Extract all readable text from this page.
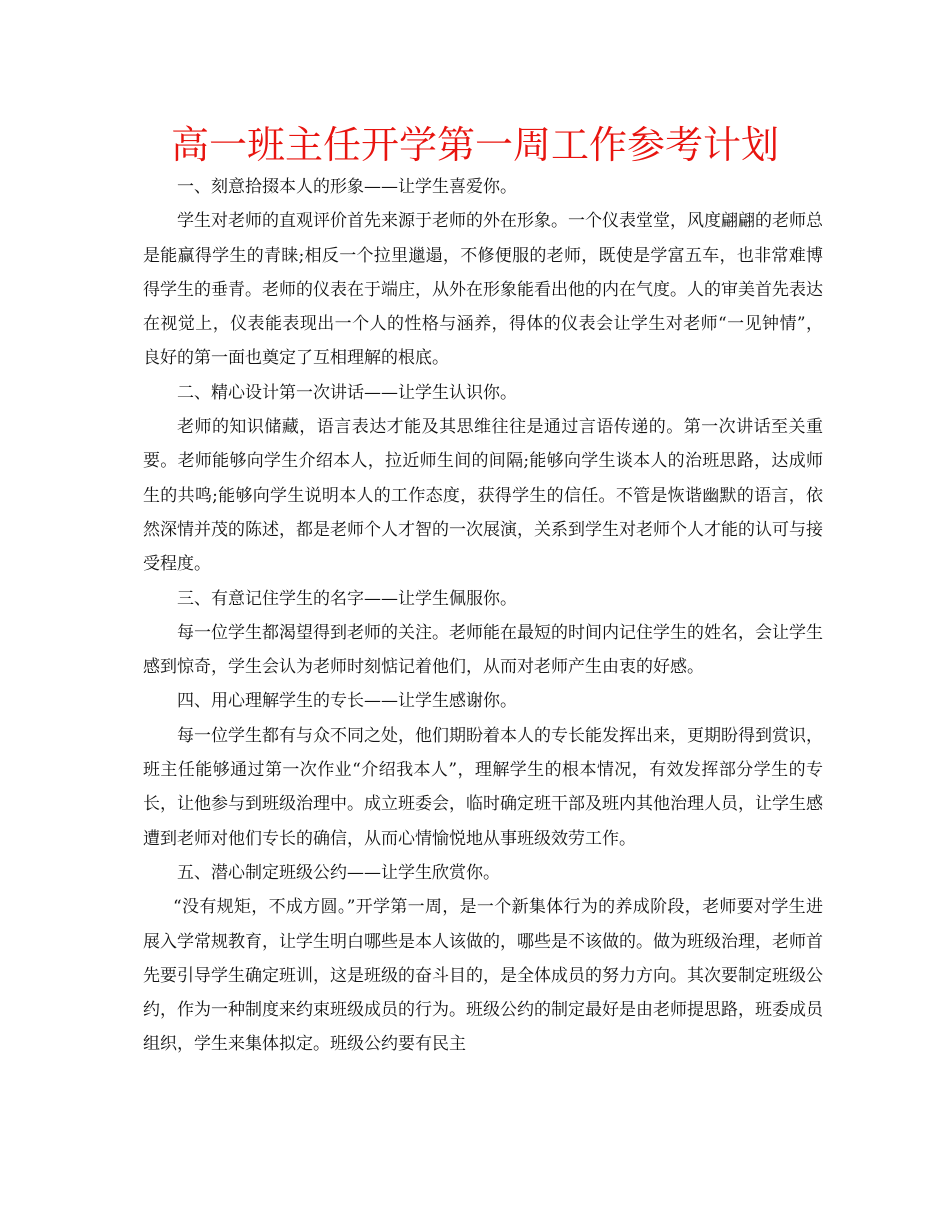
高一班主任开学第一周工作参考计划

一、刻意拾掇本人的形象——让学生喜爱你。

学生对老师的直观评价首先来源于老师的外在形象。一个仪表堂堂，风度翩翩的老师总是能赢得学生的青睐;相反一个拉里邋遢，不修便服的老师，既使是学富五车，也非常难博得学生的垂青。老师的仪表在于端庄，从外在形象能看出他的内在气度。人的审美首先表达在视觉上，仪表能表现出一个人的性格与涵养，得体的仪表会让学生对老师“一见钟情”，良好的第一面也奠定了互相理解的根底。

二、精心设计第一次讲话——让学生认识你。

老师的知识储藏，语言表达才能及其思维往往是通过言语传递的。第一次讲话至关重要。老师能够向学生介绍本人，拉近师生间的间隔;能够向学生谈本人的治班思路，达成师生的共鸣;能够向学生说明本人的工作态度，获得学生的信任。不管是恢谐幽默的语言，依然深情并茂的陈述，都是老师个人才智的一次展演，关系到学生对老师个人才能的认可与接受程度。

三、有意记住学生的名字——让学生佩服你。

每一位学生都渴望得到老师的关注。老师能在最短的时间内记住学生的姓名，会让学生感到惊奇，学生会认为老师时刻惦记着他们，从而对老师产生由衷的好感。

四、用心理解学生的专长——让学生感谢你。

每一位学生都有与众不同之处，他们期盼着本人的专长能发挥出来，更期盼得到赏识，班主任能够通过第一次作业“介绍我本人”，理解学生的根本情况，有效发挥部分学生的专长，让他参与到班级治理中。成立班委会，临时确定班干部及班内其他治理人员，让学生感遭到老师对他们专长的确信，从而心情愉悦地从事班级效劳工作。

五、潜心制定班级公约——让学生欣赏你。

“没有规矩，不成方圆。”开学第一周，是一个新集体行为的养成阶段，老师要对学生进展入学常规教育，让学生明白哪些是本人该做的，哪些是不该做的。做为班级治理，老师首先要引导学生确定班训，这是班级的奋斗目的，是全体成员的努力方向。其次要制定班级公约，作为一种制度来约束班级成员的行为。班级公约的制定最好是由老师提思路，班委成员组织，学生来集体拟定。班级公约要有民主
